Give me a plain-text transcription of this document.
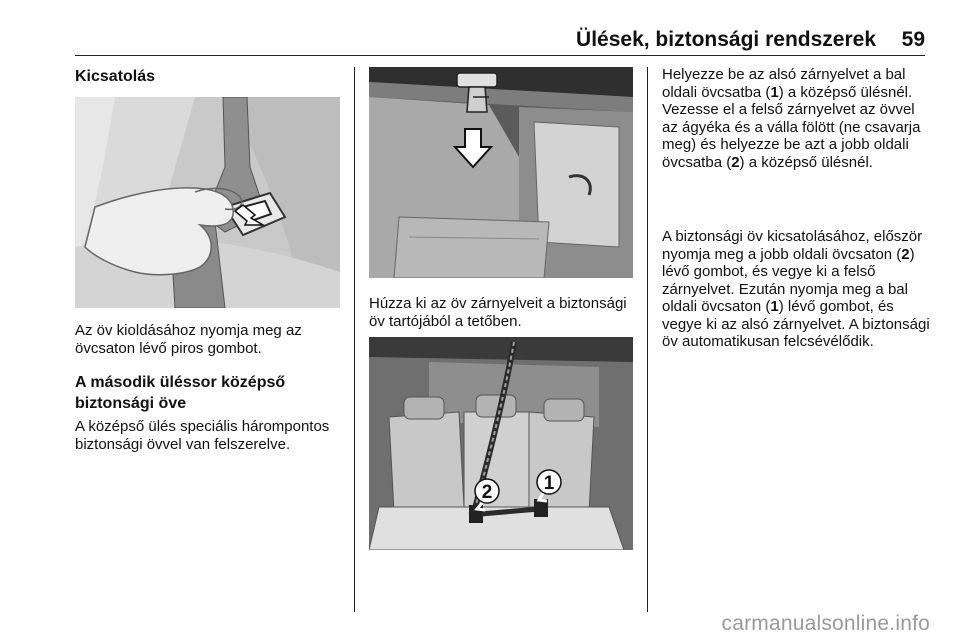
Ülések, biztonsági rendszerek	59
Kicsatolás

Az öv kioldásához nyomja meg az övcsaton lévő piros gombot.

A második üléssor középső biztonsági öve

A középső ülés speciális hárompontos biztonsági övvel van felszerelve.

Húzza ki az öv zárnyelveit a biztonsági öv tartójából a tetőben.

2	1

Helyezze be az alsó zárnyelvet a bal oldali övcsatba (1) a középső ülésnél. Vezesse el a felső zárnyelvet az övvel az ágyéka és a válla fölött (ne csavarja meg) és helyezze be azt a jobb oldali övcsatba (2) a középső ülésnél.

A biztonsági öv kicsatolásához, először nyomja meg a jobb oldali övcsaton (2) lévő gombot, és vegye ki a felső zárnyelvet. Ezután nyomja meg a bal oldali övcsaton (1) lévő gombot, és vegye ki az alsó zárnyelvet. A biztonsági öv automatikusan felcsévélődik.

carmanualsonline.info
